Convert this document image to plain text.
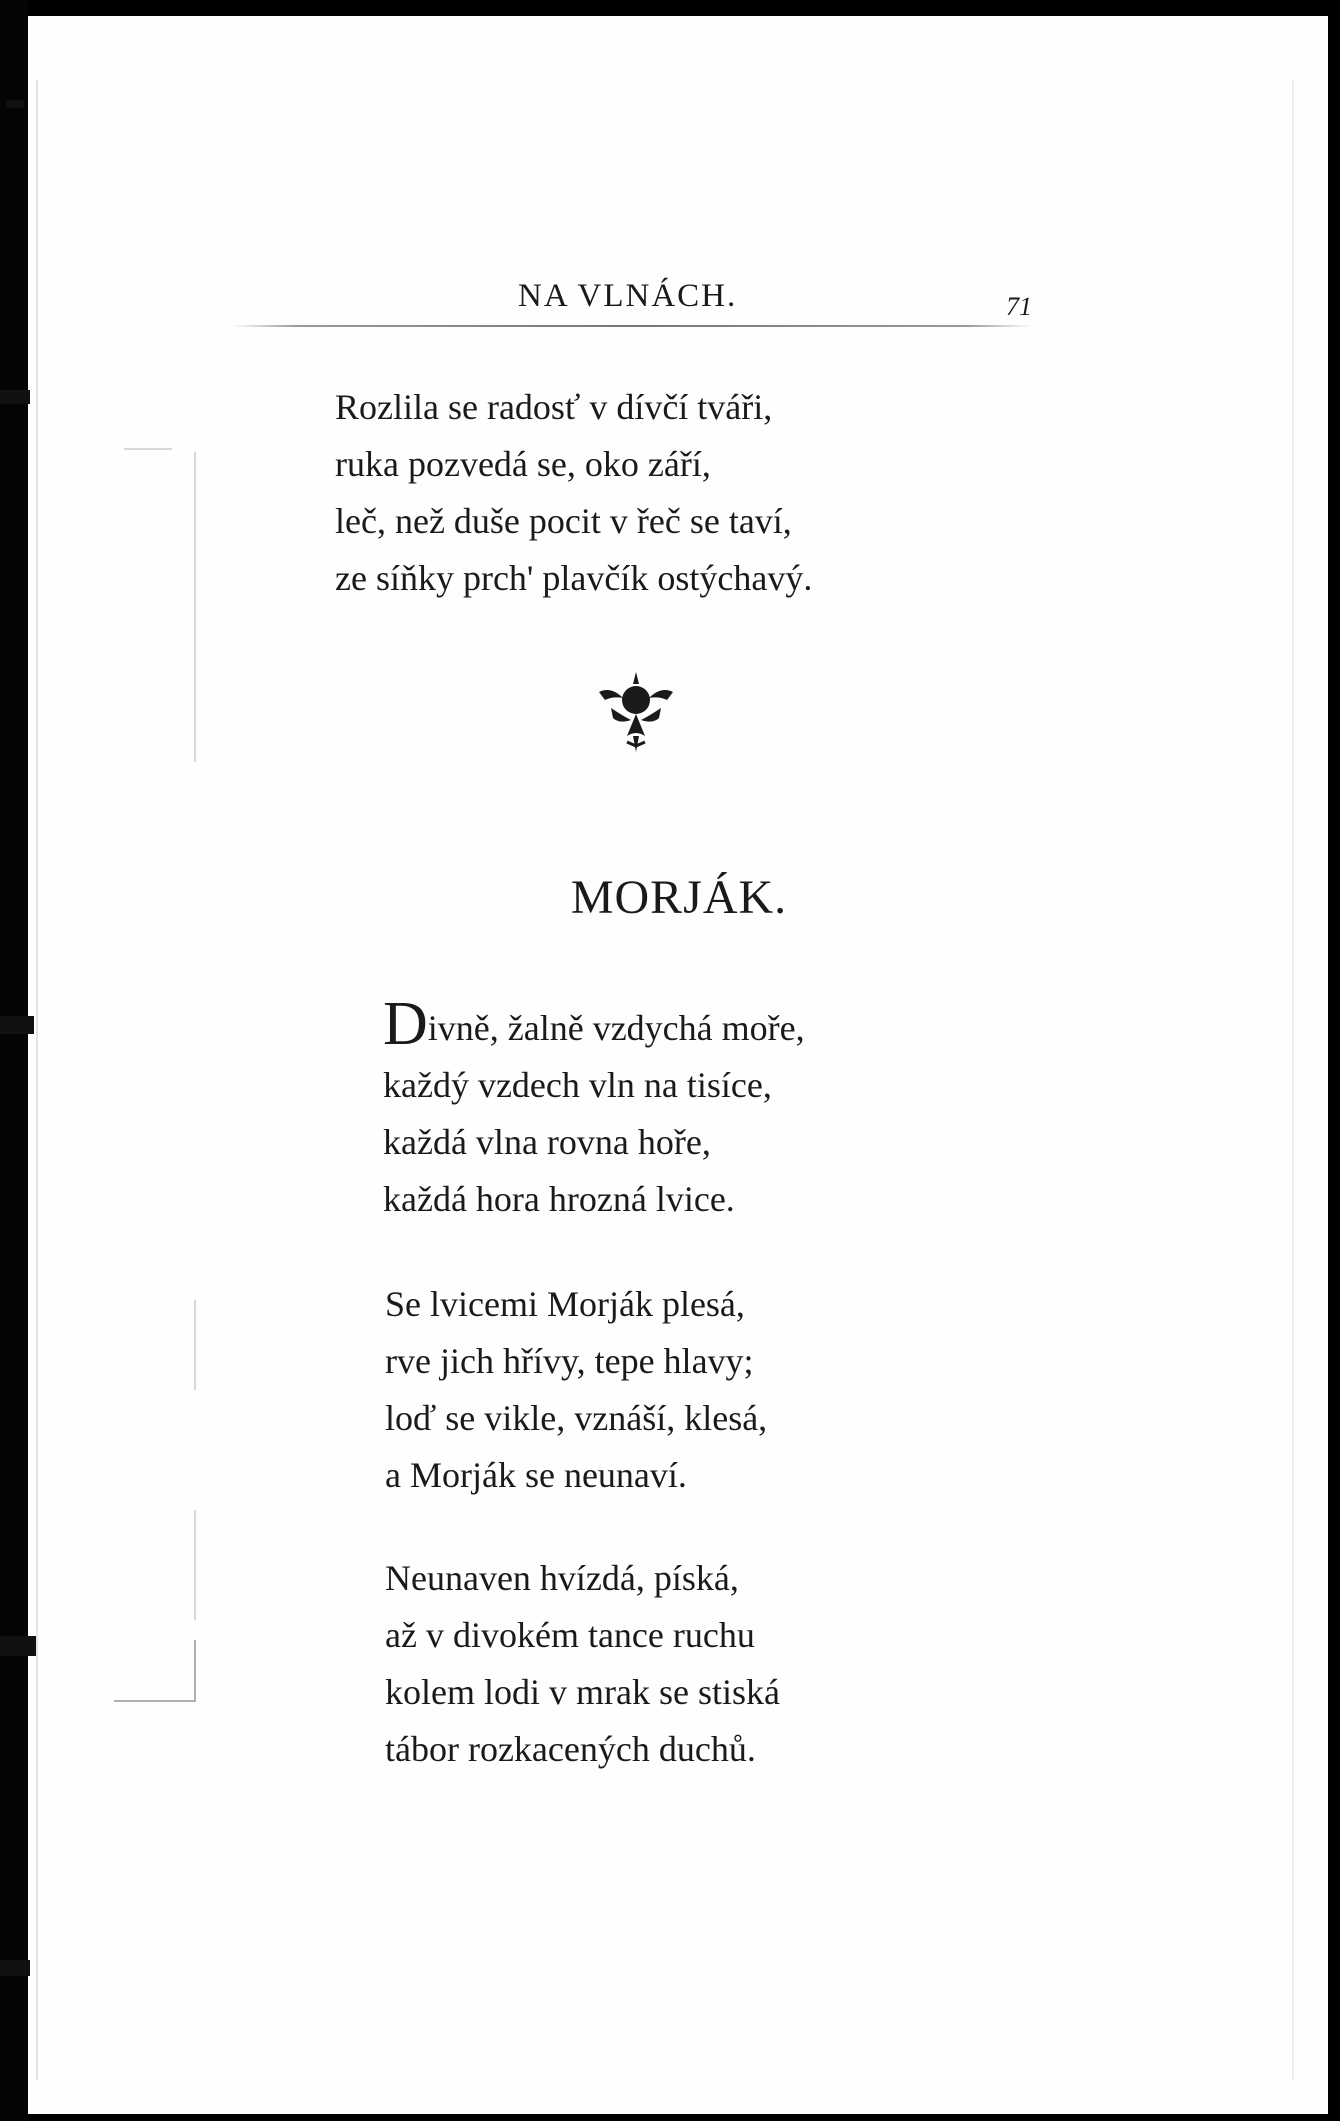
NA VLNÁCH.	71
Rozlila se radosť v dívčí tváři,
ruka pozvedá se, oko září,
leč, než duše pocit v řeč se taví,
ze síňky prch' plavčík ostýchavý.
MORJÁK.
Divně, žalně vzdychá moře,
každý vzdech vln na tisíce,
každá vlna rovna hoře,
každá hora hrozná lvice.
Se lvicemi Morják plesá,
rve jich hřívy, tepe hlavy;
loď se vikle, vznáší, klesá,
a Morják se neunaví.
Neunaven hvízdá, píská,
až v divokém tance ruchu
kolem lodi v mrak se stiská
tábor rozkacených duchů.
